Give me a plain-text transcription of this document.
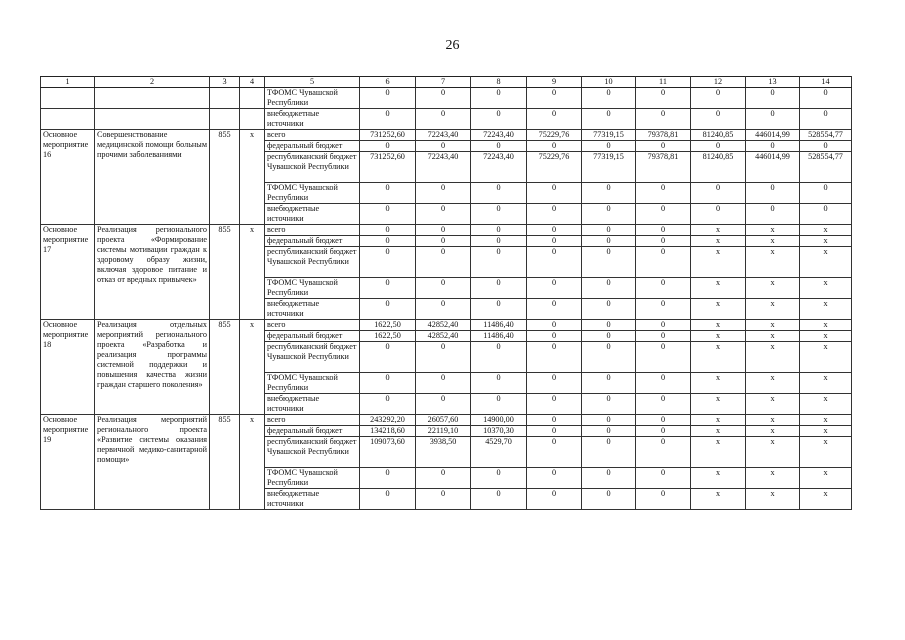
26
1	2	3	4	5	6	7	8	9	10	11	12	13	14
				ТФОМС Чувашской Республики	0	0	0	0	0	0	0	0	0
				внебюджетные источники	0	0	0	0	0	0	0	0	0
Основное мероприятие 16	Совершенствование медицинской помощи больным прочими заболеваниями	855	x	всего	731252,60	72243,40	72243,40	75229,76	77319,15	79378,81	81240,85	446014,99	528554,77
				федеральный бюджет	0	0	0	0	0	0	0	0	0
				республиканский бюджет Чувашской Республики	731252,60	72243,40	72243,40	75229,76	77319,15	79378,81	81240,85	446014,99	528554,77
				ТФОМС Чувашской Республики	0	0	0	0	0	0	0	0	0
				внебюджетные источники	0	0	0	0	0	0	0	0	0
Основное мероприятие 17	Реализация регионального проекта «Формирование системы мотивации граждан к здоровому образу жизни, включая здоровое питание и отказ от вредных привычек»	855	x	всего	0	0	0	0	0	0	x	x	x
				федеральный бюджет	0	0	0	0	0	0	x	x	x
				республиканский бюджет Чувашской Республики	0	0	0	0	0	0	x	x	x
				ТФОМС Чувашской Республики	0	0	0	0	0	0	x	x	x
				внебюджетные источники	0	0	0	0	0	0	x	x	x
Основное мероприятие 18	Реализация отдельных мероприятий регионального проекта «Разработка и реализация программы системной поддержки и повышения качества жизни граждан старшего поколения»	855	x	всего	1622,50	42852,40	11486,40	0	0	0	x	x	x
				федеральный бюджет	1622,50	42852,40	11486,40	0	0	0	x	x	x
				республиканский бюджет Чувашской Республики	0	0	0	0	0	0	x	x	x
				ТФОМС Чувашской Республики	0	0	0	0	0	0	x	x	x
				внебюджетные источники	0	0	0	0	0	0	x	x	x
Основное мероприятие 19	Реализация мероприятий регионального проекта «Развитие системы оказания первичной медико-санитарной помощи»	855	x	всего	243292,20	26057,60	14900,00	0	0	0	x	x	x
				федеральный бюджет	134218,60	22119,10	10370,30	0	0	0	x	x	x
				республиканский бюджет Чувашской Республики	109073,60	3938,50	4529,70	0	0	0	x	x	x
				ТФОМС Чувашской Республики	0	0	0	0	0	0	x	x	x
				внебюджетные источники	0	0	0	0	0	0	x	x	x
